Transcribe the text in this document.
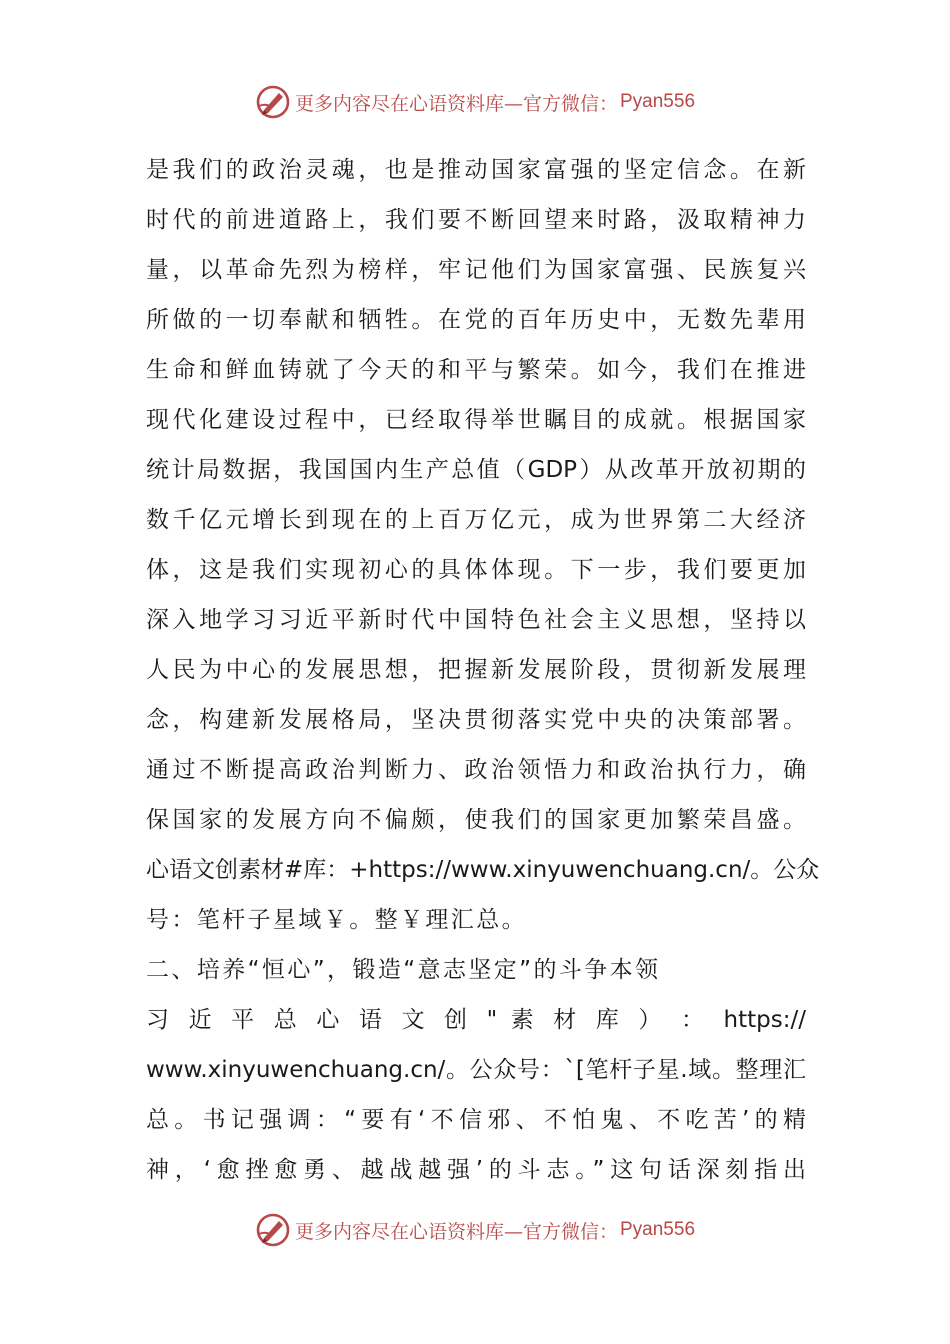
更多内容尽在心语资料库—官方微信： Pyan556
是我们的政治灵魂，也是推动国家富强的坚定信念。在新
时代的前进道路上，我们要不断回望来时路，汲取精神力
量，以革命先烈为榜样，牢记他们为国家富强、民族复兴
所做的一切奉献和牺牲。在党的百年历史中，无数先辈用
生命和鲜血铸就了今天的和平与繁荣。如今，我们在推进
现代化建设过程中，已经取得举世瞩目的成就。根据国家
统计局数据，我国国内生产总值（GDP）从改革开放初期的
数千亿元增长到现在的上百万亿元，成为世界第二大经济
体，这是我们实现初心的具体体现。下一步，我们要更加
深入地学习习近平新时代中国特色社会主义思想，坚持以
人民为中心的发展思想，把握新发展阶段，贯彻新发展理
念，构建新发展格局，坚决贯彻落实党中央的决策部署。
通过不断提高政治判断力、政治领悟力和政治执行力，确
保国家的发展方向不偏颇，使我们的国家更加繁荣昌盛。
心语文创素材#库：+https://www.xinyuwenchuang.cn/。公众
号：笔杆子星域￥。整￥理汇总。
二、培养“恒心”，锻造“意志坚定”的斗争本领
习 近 平 总 心 语 文 创 " 素 材 库 ） ： https://
www.xinyuwenchuang.cn/。公众号：`[笔杆子星.域。整理汇
总。书记强调：“要有‘不信邪、不怕鬼、不吃苦’的精
神，‘愈挫愈勇、越战越强’的斗志。”这句话深刻指出
更多内容尽在心语资料库—官方微信： Pyan556
